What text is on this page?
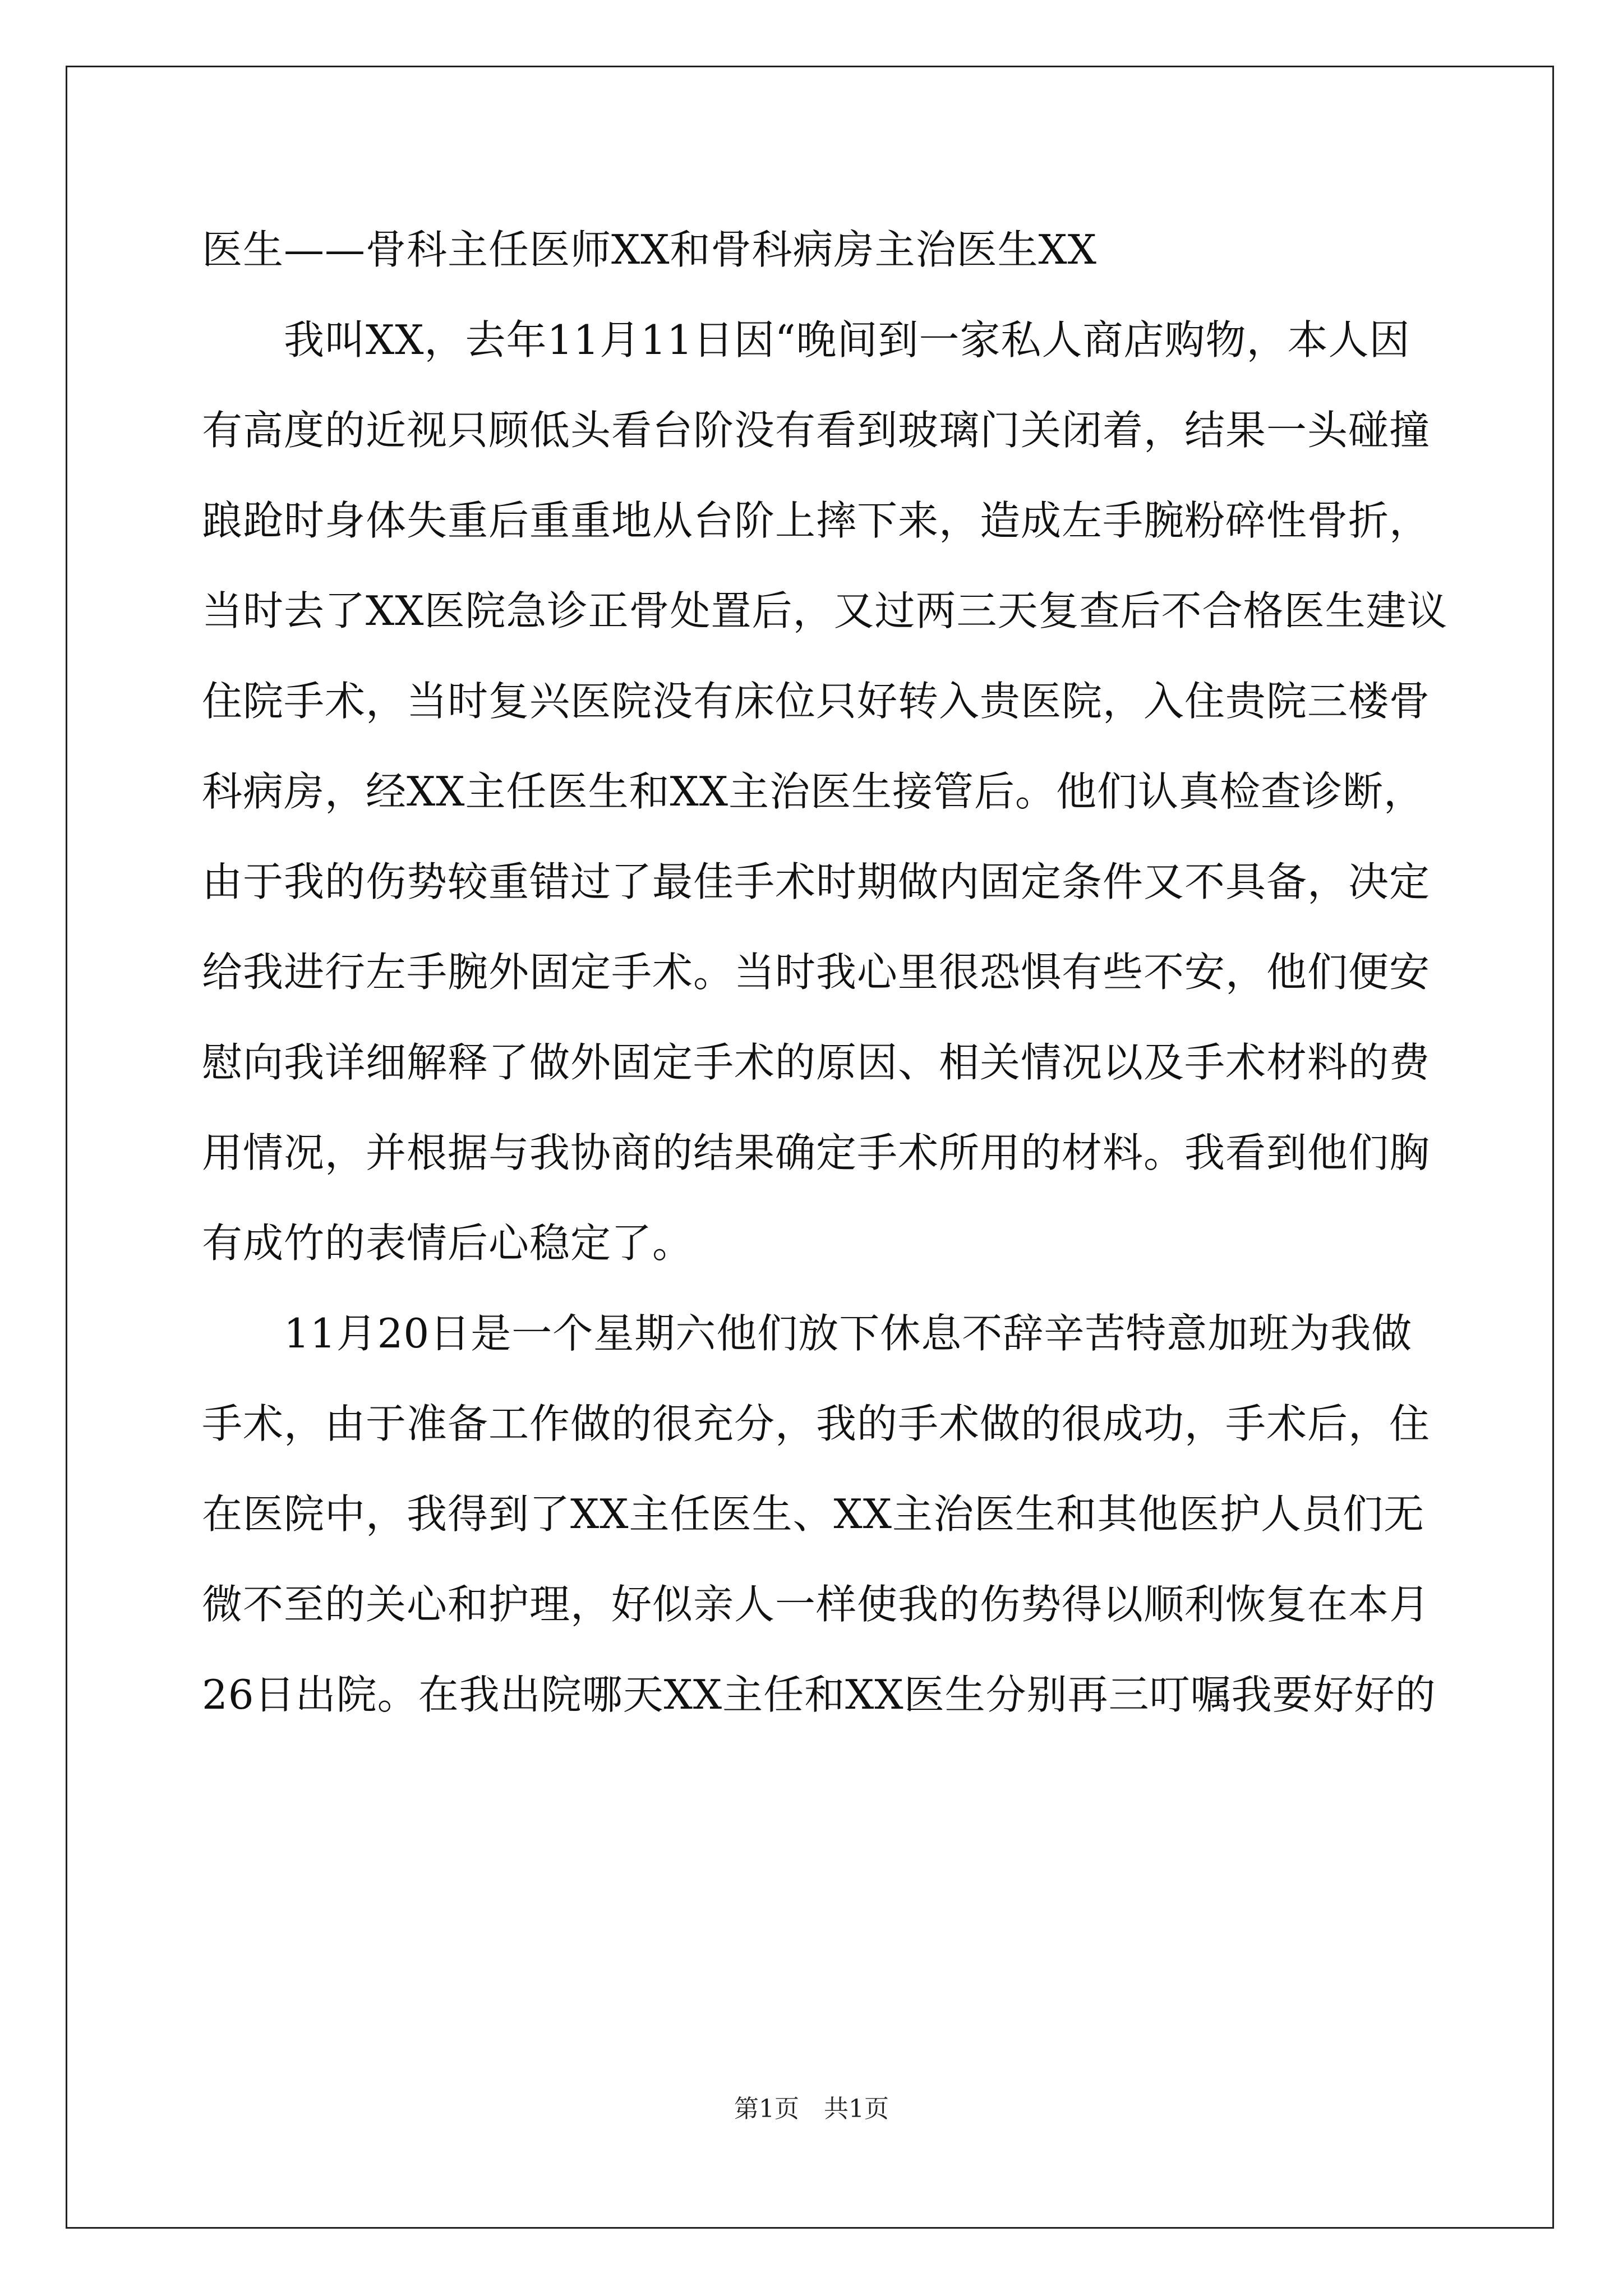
医生——骨科主任医师XX和骨科病房主治医生XX
　　我叫XX，去年11月11日因“晚间到一家私人商店购物，本人因
有高度的近视只顾低头看台阶没有看到玻璃门关闭着，结果一头碰撞
踉跄时身体失重后重重地从台阶上摔下来，造成左手腕粉碎性骨折，
当时去了XX医院急诊正骨处置后，又过两三天复查后不合格医生建议
住院手术，当时复兴医院没有床位只好转入贵医院，入住贵院三楼骨
科病房，经XX主任医生和XX主治医生接管后。他们认真检查诊断，
由于我的伤势较重错过了最佳手术时期做内固定条件又不具备，决定
给我进行左手腕外固定手术。当时我心里很恐惧有些不安，他们便安
慰向我详细解释了做外固定手术的原因、相关情况以及手术材料的费
用情况，并根据与我协商的结果确定手术所用的材料。我看到他们胸
有成竹的表情后心稳定了。
　　11月20日是一个星期六他们放下休息不辞辛苦特意加班为我做
手术，由于准备工作做的很充分，我的手术做的很成功，手术后，住
在医院中，我得到了XX主任医生、XX主治医生和其他医护人员们无
微不至的关心和护理，好似亲人一样使我的伤势得以顺利恢复在本月
26日出院。在我出院哪天XX主任和XX医生分别再三叮嘱我要好好的
第1页　共1页
